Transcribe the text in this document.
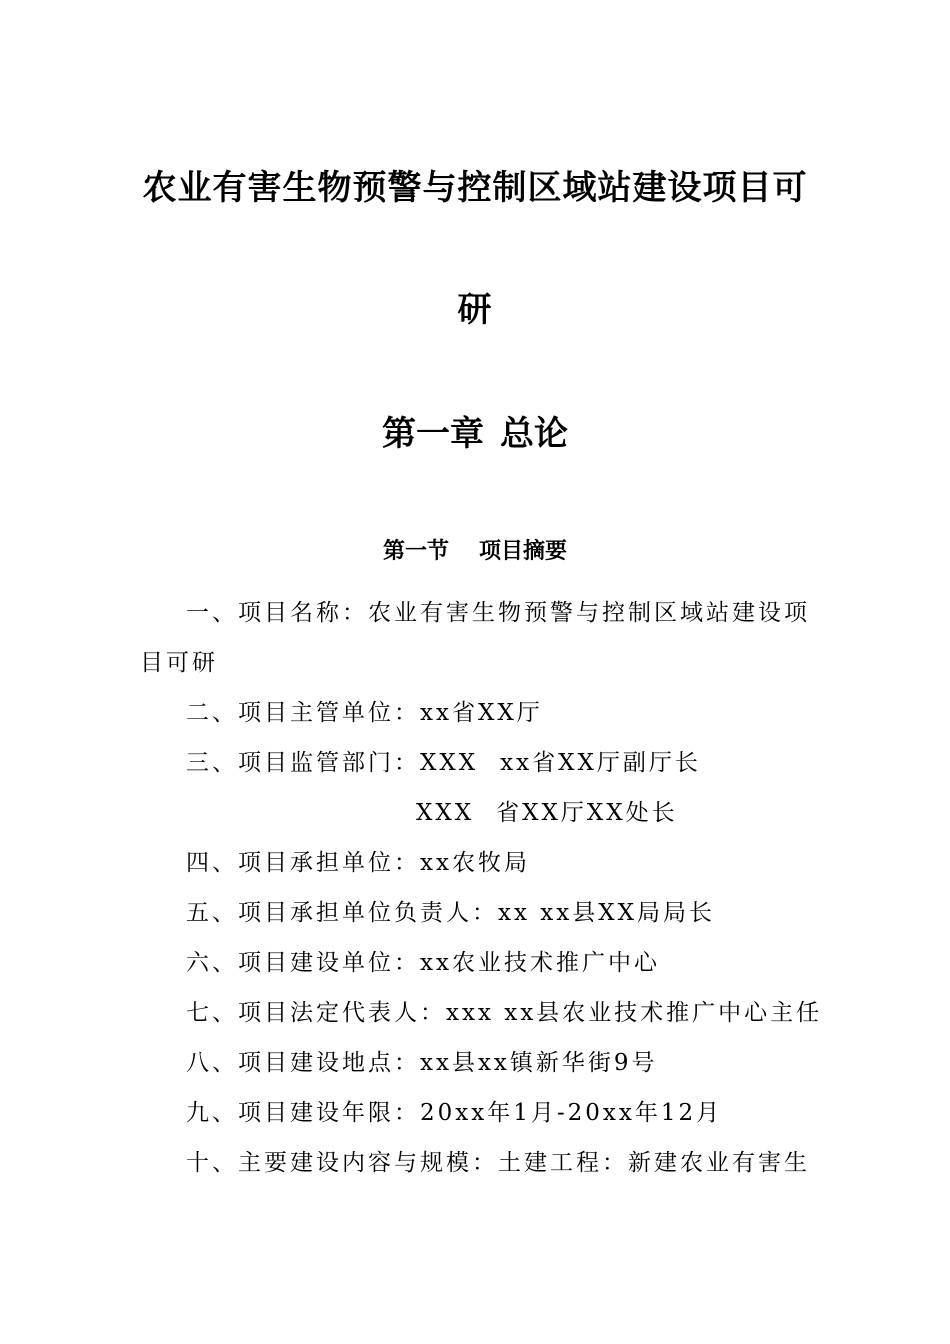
农业有害生物预警与控制区域站建设项目可
研
第一章 总论
第一节 项目摘要
一、项目名称：农业有害生物预警与控制区域站建设项
目可研
二、项目主管单位：xx省XX厅
三、项目监管部门：XXX xx省XX厅副厅长
XXX 省XX厅XX处长
四、项目承担单位：xx农牧局
五、项目承担单位负责人：xx xx县XX局局长
六、项目建设单位：xx农业技术推广中心
七、项目法定代表人：xxx xx县农业技术推广中心主任
八、项目建设地点：xx县xx镇新华街9号
九、项目建设年限：20xx年1月-20xx年12月
十、主要建设内容与规模：土建工程：新建农业有害生
